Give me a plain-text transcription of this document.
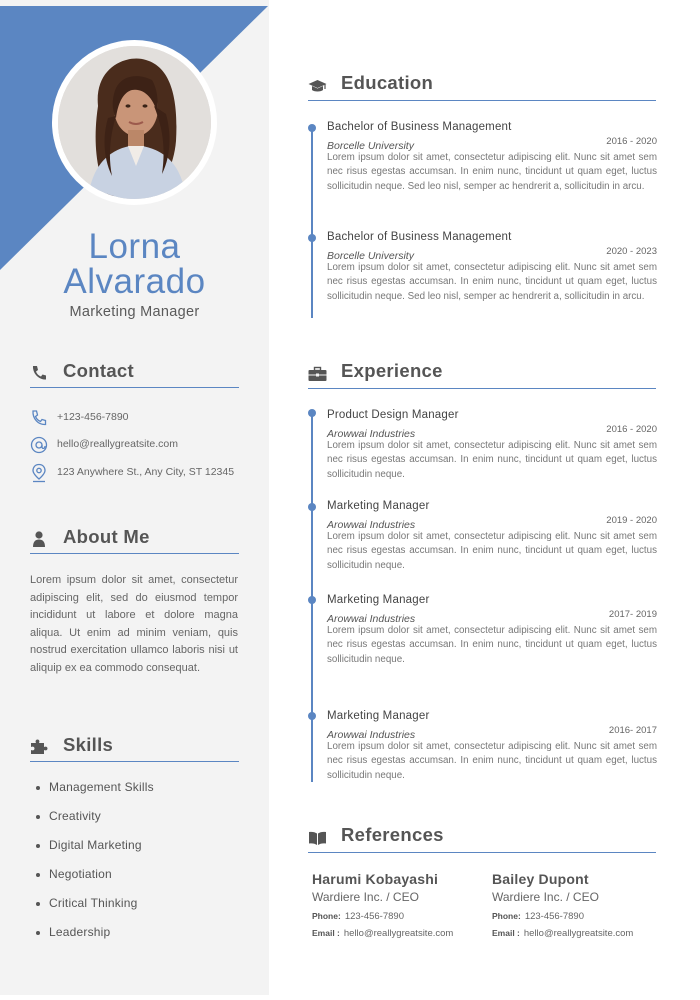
Lorna
Alvarado
Marketing Manager
Contact
+123-456-7890
hello@reallygreatsite.com
123 Anywhere St., Any City, ST 12345
About Me
Lorem ipsum dolor sit amet, consectetur adipiscing elit, sed do eiusmod tempor incididunt ut labore et dolore magna aliqua. Ut enim ad minim veniam, quis nostrud exercitation ullamco laboris nisi ut aliquip ex ea commodo consequat.
Skills
Management Skills
Creativity
Digital Marketing
Negotiation
Critical Thinking
Leadership
Education
Bachelor of Business Management
Borcelle University	2016 - 2020
Lorem ipsum dolor sit amet, consectetur adipiscing elit. Nunc sit amet sem nec risus egestas accumsan. In enim nunc, tincidunt ut quam eget, luctus sollicitudin neque. Sed leo nisl, semper ac hendrerit a, sollicitudin in arcu.
Bachelor of Business Management
Borcelle University	2020 - 2023
Lorem ipsum dolor sit amet, consectetur adipiscing elit. Nunc sit amet sem nec risus egestas accumsan. In enim nunc, tincidunt ut quam eget, luctus sollicitudin neque. Sed leo nisl, semper ac hendrerit a, sollicitudin in arcu.
Experience
Product Design Manager
Arowwai Industries	2016 - 2020
Lorem ipsum dolor sit amet, consectetur adipiscing elit. Nunc sit amet sem nec risus egestas accumsan. In enim nunc, tincidunt ut quam eget, luctus sollicitudin neque.
Marketing Manager
Arowwai Industries	2019 - 2020
Lorem ipsum dolor sit amet, consectetur adipiscing elit. Nunc sit amet sem nec risus egestas accumsan. In enim nunc, tincidunt ut quam eget, luctus sollicitudin neque.
Marketing Manager
Arowwai Industries	2017- 2019
Lorem ipsum dolor sit amet, consectetur adipiscing elit. Nunc sit amet sem nec risus egestas accumsan. In enim nunc, tincidunt ut quam eget, luctus sollicitudin neque.
Marketing Manager
Arowwai Industries	2016- 2017
Lorem ipsum dolor sit amet, consectetur adipiscing elit. Nunc sit amet sem nec risus egestas accumsan. In enim nunc, tincidunt ut quam eget, luctus sollicitudin neque.
References
Harumi Kobayashi
Wardiere Inc. / CEO
Phone: 123-456-7890
Email : hello@reallygreatsite.com
Bailey Dupont
Wardiere Inc. / CEO
Phone: 123-456-7890
Email : hello@reallygreatsite.com
